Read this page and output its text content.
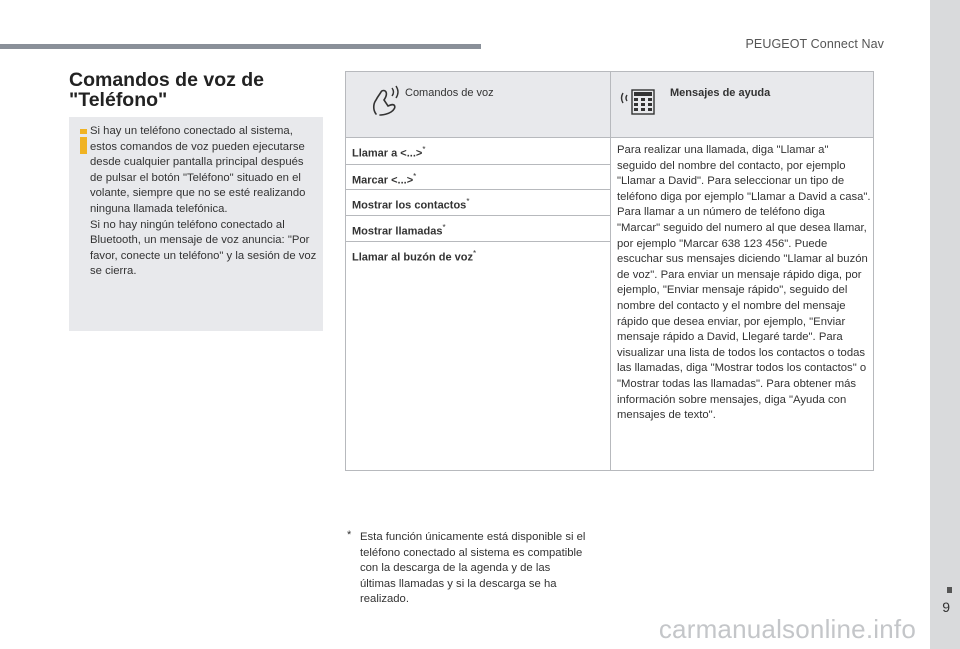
PEUGEOT Connect Nav
9
Comandos de voz de "Teléfono"

Si hay un teléfono conectado al sistema, estos comandos de voz pueden ejecutarse desde cualquier pantalla principal después de pulsar el botón "Teléfono" situado en el volante, siempre que no se esté realizando ninguna llamada telefónica.

Si no hay ningún teléfono conectado al Bluetooth, un mensaje de voz anuncia: "Por favor, conecte un teléfono" y la sesión de voz se cierra.

Comandos de voz	Mensajes de ayuda
Llamar a <...>*
Marcar <...>*
Mostrar los contactos*
Mostrar llamadas*
Llamar al buzón de voz*
Para realizar una llamada, diga "Llamar a" seguido del nombre del contacto, por ejemplo "Llamar a David". Para seleccionar un tipo de teléfono diga por ejemplo "Llamar a David a casa". Para llamar a un número de teléfono diga "Marcar" seguido del numero al que desea llamar, por ejemplo "Marcar 638 123 456". Puede escuchar sus mensajes diciendo "Llamar al buzón de voz". Para enviar un mensaje rápido diga, por ejemplo, "Enviar mensaje rápido", seguido del nombre del contacto y el nombre del mensaje rápido que desea enviar, por ejemplo, "Enviar mensaje rápido a David, Llegaré tarde". Para visualizar una lista de todos los contactos o todas las llamadas, diga "Mostrar todos los contactos" o "Mostrar todas las llamadas". Para obtener más información sobre mensajes, diga "Ayuda con mensajes de texto".
* Esta función únicamente está disponible si el teléfono conectado al sistema es compatible con la descarga de la agenda y de las últimas llamadas y si la descarga se ha realizado.
carmanualsonline.info
